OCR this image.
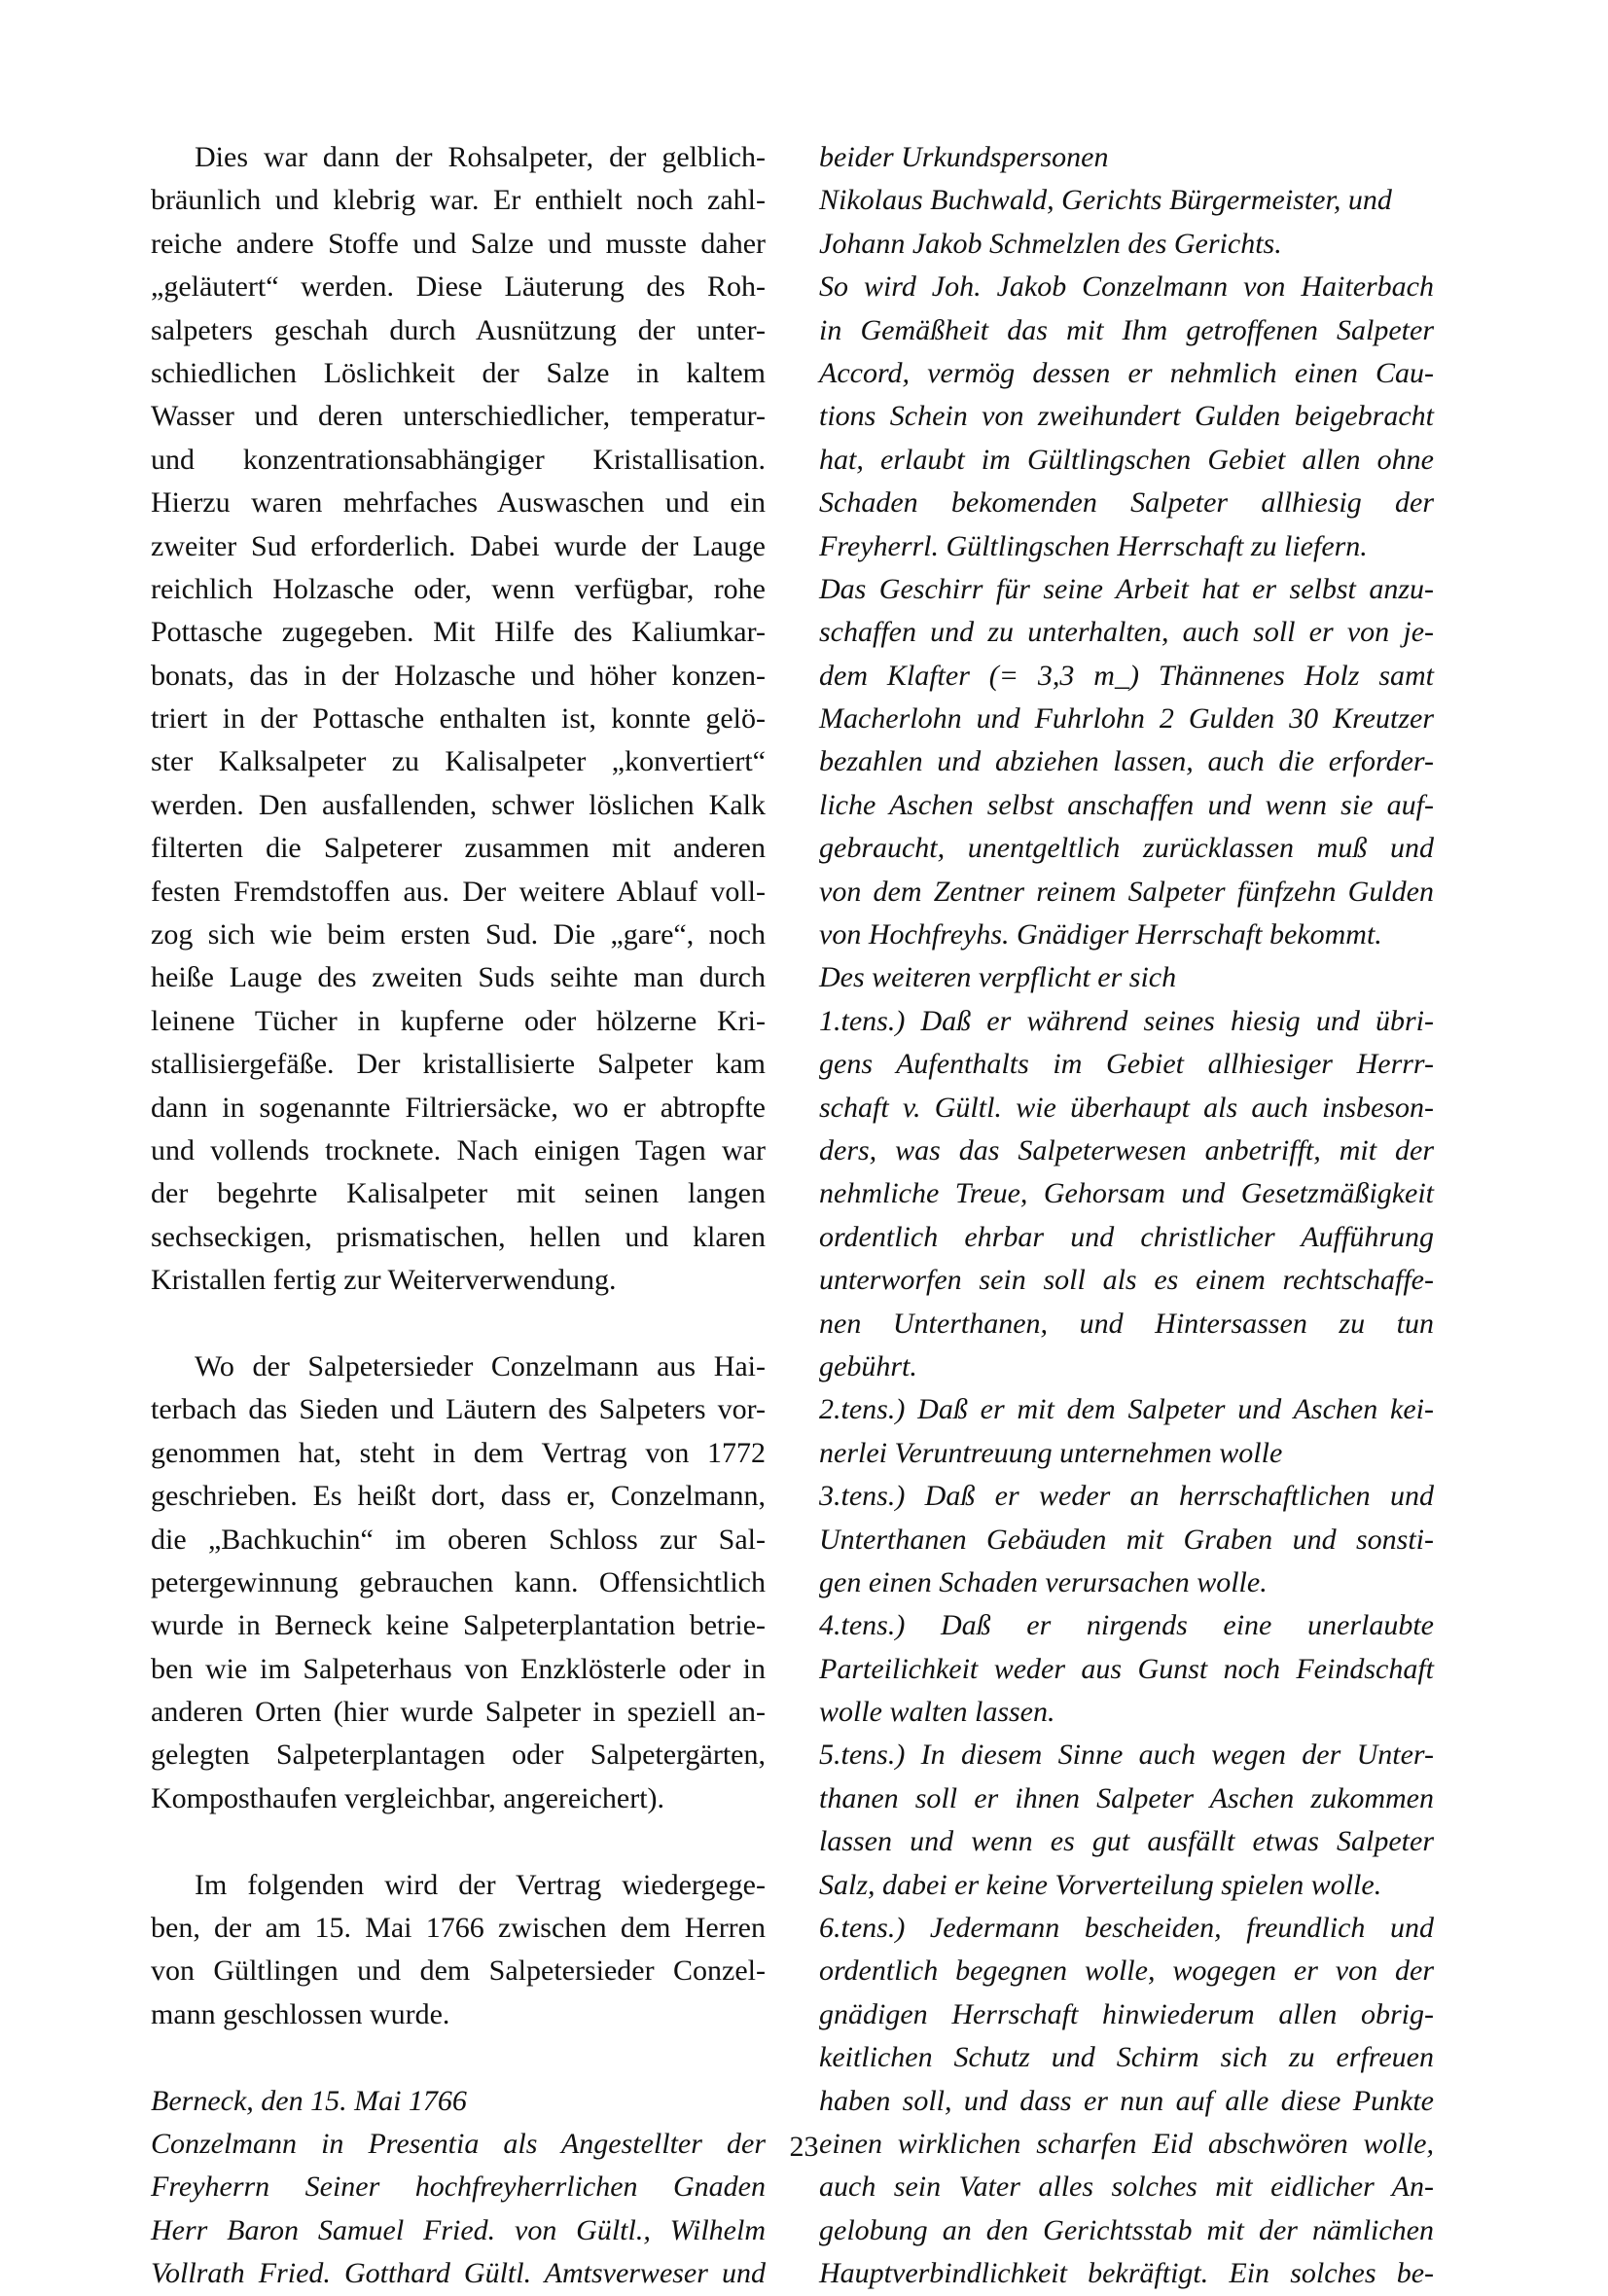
Dies war dann der Rohsalpeter, der gelblich-
bräunlich und klebrig war. Er enthielt noch zahl-
reiche andere Stoffe und Salze und musste daher
„geläutert“ werden. Diese Läuterung des Roh-
salpeters geschah durch Ausnützung der unter-
schiedlichen Löslichkeit der Salze in kaltem
Wasser und deren unterschiedlicher, temperatur-
und konzentrationsabhängiger Kristallisation.
Hierzu waren mehrfaches Auswaschen und ein
zweiter Sud erforderlich. Dabei wurde der Lauge
reichlich Holzasche oder, wenn verfügbar, rohe
Pottasche zugegeben. Mit Hilfe des Kaliumkar-
bonats, das in der Holzasche und höher konzen-
triert in der Pottasche enthalten ist, konnte gelö-
ster Kalksalpeter zu Kalisalpeter „konvertiert“
werden. Den ausfallenden, schwer löslichen Kalk
filterten die Salpeterer zusammen mit anderen
festen Fremdstoffen aus. Der weitere Ablauf voll-
zog sich wie beim ersten Sud. Die „gare“, noch
heiße Lauge des zweiten Suds seihte man durch
leinene Tücher in kupferne oder hölzerne Kri-
stallisiergefäße. Der kristallisierte Salpeter kam
dann in sogenannte Filtriersäcke, wo er abtropfte
und vollends trocknete. Nach einigen Tagen war
der begehrte Kalisalpeter mit seinen langen
sechseckigen, prismatischen, hellen und klaren
Kristallen fertig zur Weiterverwendung.
Wo der Salpetersieder Conzelmann aus Hai-
terbach das Sieden und Läutern des Salpeters vor-
genommen hat, steht in dem Vertrag von 1772
geschrieben. Es heißt dort, dass er, Conzelmann,
die „Bachkuchin“ im oberen Schloss zur Sal-
petergewinnung gebrauchen kann. Offensichtlich
wurde in Berneck keine Salpeterplantation betrie-
ben wie im Salpeterhaus von Enzklösterle oder in
anderen Orten (hier wurde Salpeter in speziell an-
gelegten Salpeterplantagen oder Salpetergärten,
Komposthaufen vergleichbar, angereichert).
Im folgenden wird der Vertrag wiedergege-
ben, der am 15. Mai 1766 zwischen dem Herren
von Gültlingen und dem Salpetersieder Conzel-
mann geschlossen wurde.
Berneck, den 15. Mai 1766
Conzelmann in Presentia als Angestellter der
Freyherrn Seiner hochfreyherrlichen Gnaden
Herr Baron Samuel Fried. von Gültl., Wilhelm
Vollrath Fried. Gotthard Gültl. Amtsverweser und
beider Urkundspersonen
Nikolaus Buchwald, Gerichts Bürgermeister, und
Johann Jakob Schmelzlen des Gerichts.
So wird Joh. Jakob Conzelmann von Haiterbach
in Gemäßheit das mit Ihm getroffenen Salpeter
Accord, vermög dessen er nehmlich einen Cau-
tions Schein von zweihundert Gulden beigebracht
hat, erlaubt im Gültlingschen Gebiet allen ohne
Schaden bekomenden Salpeter allhiesig der
Freyherrl. Gültlingschen Herrschaft zu liefern.
Das Geschirr für seine Arbeit hat er selbst anzu-
schaffen und zu unterhalten, auch soll er von je-
dem Klafter (= 3,3 m_) Thännenes Holz samt
Macherlohn und Fuhrlohn 2 Gulden 30 Kreutzer
bezahlen und abziehen lassen, auch die erforder-
liche Aschen selbst anschaffen und wenn sie auf-
gebraucht, unentgeltlich zurücklassen muß und
von dem Zentner reinem Salpeter fünfzehn Gulden
von Hochfreyhs. Gnädiger Herrschaft bekommt.
Des weiteren verpflicht er sich
1.tens.) Daß er während seines hiesig und übri-
gens Aufenthalts im Gebiet allhiesiger Herrr-
schaft v. Gültl. wie überhaupt als auch insbeson-
ders, was das Salpeterwesen anbetrifft, mit der
nehmliche Treue, Gehorsam und Gesetzmäßigkeit
ordentlich ehrbar und christlicher Aufführung
unterworfen sein soll als es einem rechtschaffe-
nen Unterthanen, und Hintersassen zu tun
gebührt.
2.tens.) Daß er mit dem Salpeter und Aschen kei-
nerlei Veruntreuung unternehmen wolle
3.tens.) Daß er weder an herrschaftlichen und
Unterthanen Gebäuden mit Graben und sonsti-
gen einen Schaden verursachen wolle.
4.tens.) Daß er nirgends eine unerlaubte
Parteilichkeit weder aus Gunst noch Feindschaft
wolle walten lassen.
5.tens.) In diesem Sinne auch wegen der Unter-
thanen soll er ihnen Salpeter Aschen zukommen
lassen und wenn es gut ausfällt etwas Salpeter
Salz, dabei er keine Vorverteilung spielen wolle.
6.tens.) Jedermann bescheiden, freundlich und
ordentlich begegnen wolle, wogegen er von der
gnädigen Herrschaft hinwiederum allen obrig-
keitlichen Schutz und Schirm sich zu erfreuen
haben soll, und dass er nun auf alle diese Punkte
einen wirklichen scharfen Eid abschwören wolle,
auch sein Vater alles solches mit eidlicher An-
gelobung an den Gerichtsstab mit der nämlichen
Hauptverbindlichkeit bekräftigt. Ein solches be-
23
